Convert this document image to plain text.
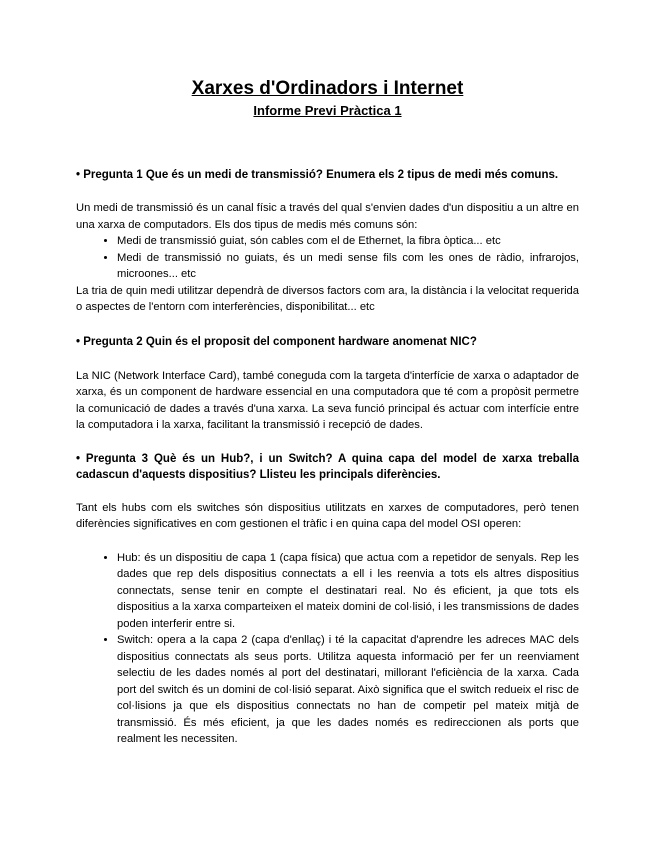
Xarxes d'Ordinadors i Internet
Informe Previ Pràctica 1

• Pregunta 1 Que és un medi de transmissió? Enumera els 2 tipus de medi més comuns.

Un medi de transmissió és un canal físic a través del qual s'envien dades d'un dispositiu a un altre en una xarxa de computadors. Els dos tipus de medis més comuns són:

• Medi de transmissió guiat, són cables com el de Ethernet, la fibra òptica... etc
• Medi de transmissió no guiats, és un medi sense fils com les ones de ràdio, infrarojos, microones... etc

La tria de quin medi utilitzar dependrà de diversos factors com ara, la distància i la velocitat requerida o aspectes de l'entorn com interferències, disponibilitat... etc

• Pregunta 2 Quin és el proposit del component hardware anomenat NIC?

La NIC (Network Interface Card), també coneguda com la targeta d'interfície de xarxa o adaptador de xarxa, és un component de hardware essencial en una computadora que té com a propòsit permetre la comunicació de dades a través d'una xarxa. La seva funció principal és actuar com interfície entre la computadora i la xarxa, facilitant la transmissió i recepció de dades.

• Pregunta 3 Què és un Hub?, i un Switch? A quina capa del model de xarxa treballa cadascun d'aquests dispositius? Llisteu les principals diferències.

Tant els hubs com els switches són dispositius utilitzats en xarxes de computadores, però tenen diferències significatives en com gestionen el tràfic i en quina capa del model OSI operen:

• Hub: és un dispositiu de capa 1 (capa física) que actua com a repetidor de senyals. Rep les dades que rep dels dispositius connectats a ell i les reenvia a tots els altres dispositius connectats, sense tenir en compte el destinatari real. No és eficient, ja que tots els dispositius a la xarxa comparteixen el mateix domini de col·lisió, i les transmissions de dades poden interferir entre si.
• Switch: opera a la capa 2 (capa d'enllaç) i té la capacitat d'aprendre les adreces MAC dels dispositius connectats als seus ports. Utilitza aquesta informació per fer un reenviament selectiu de les dades només al port del destinatari, millorant l'eficiència de la xarxa. Cada port del switch és un domini de col·lisió separat. Això significa que el switch redueix el risc de col·lisions ja que els dispositius connectats no han de competir pel mateix mitjà de transmissió. És més eficient, ja que les dades només es redireccionen als ports que realment les necessiten.
